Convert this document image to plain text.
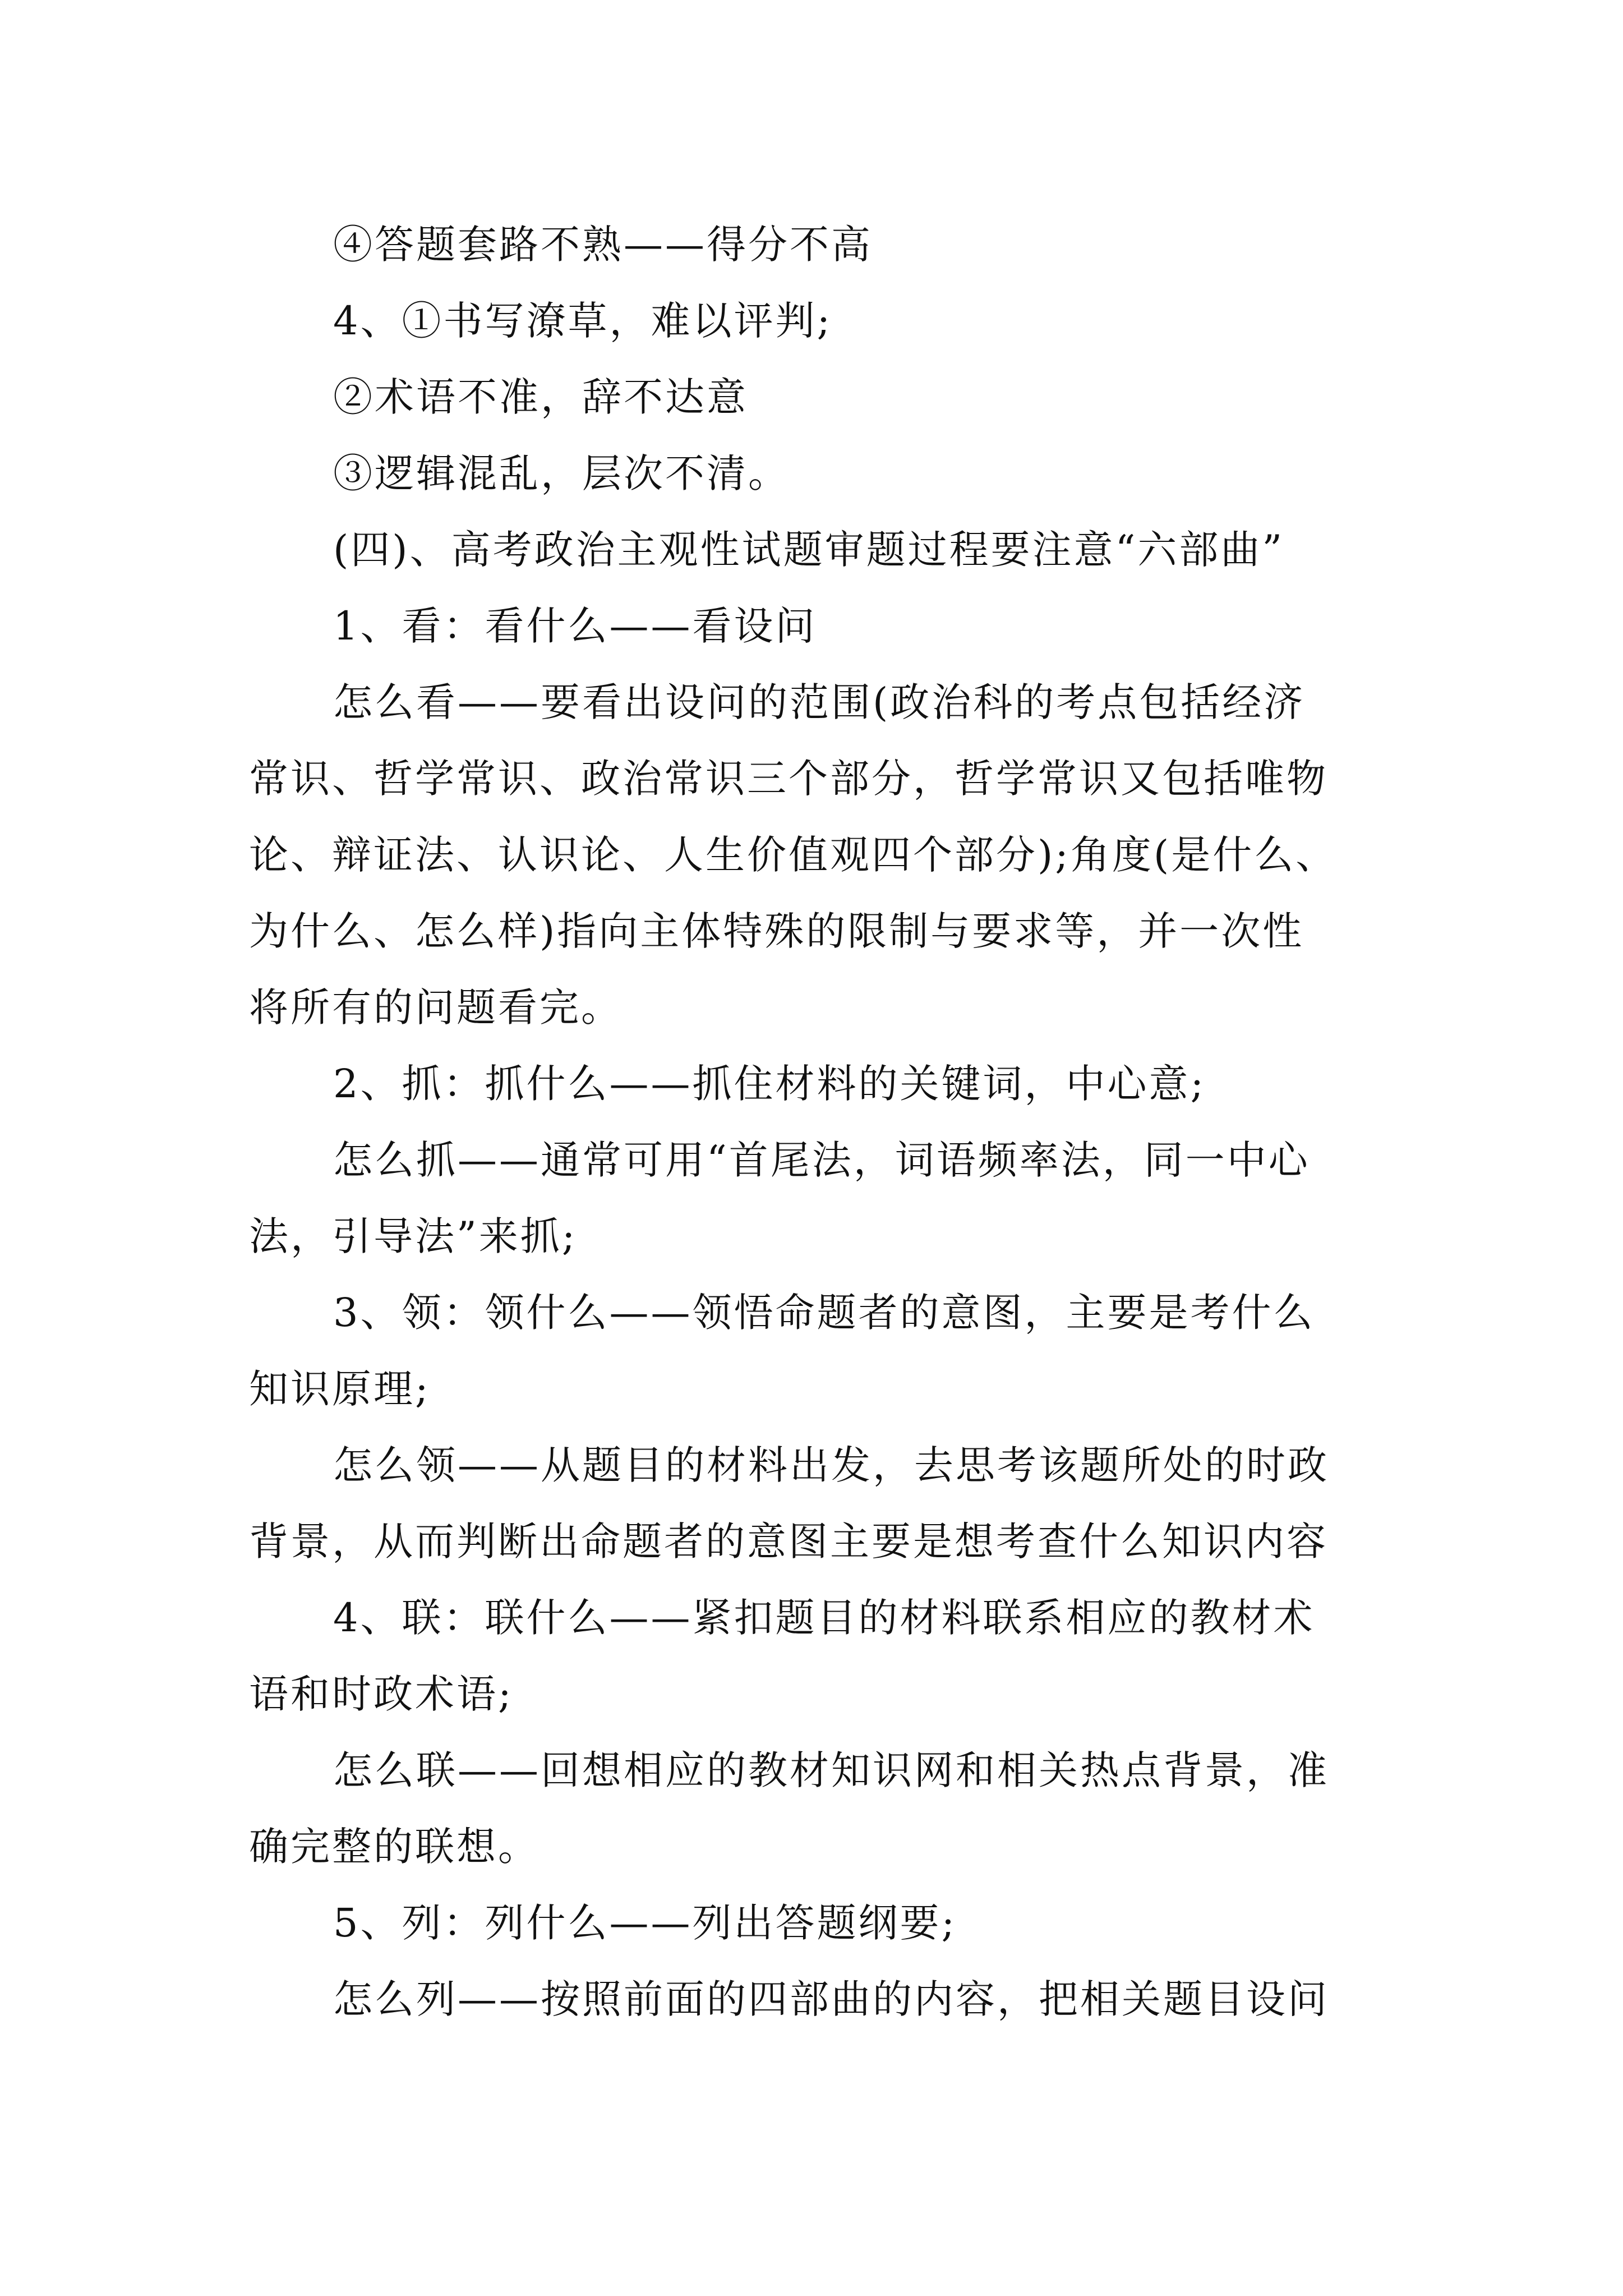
④答题套路不熟——得分不高
4、①书写潦草，难以评判;
②术语不准，辞不达意
③逻辑混乱，层次不清。
(四)、高考政治主观性试题审题过程要注意“六部曲”
1、看：看什么——看设问
怎么看——要看出设问的范围(政治科的考点包括经济
常识、哲学常识、政治常识三个部分，哲学常识又包括唯物
论、辩证法、认识论、人生价值观四个部分);角度(是什么、
为什么、怎么样)指向主体特殊的限制与要求等，并一次性
将所有的问题看完。
2、抓：抓什么——抓住材料的关键词，中心意;
怎么抓——通常可用“首尾法，词语频率法，同一中心
法，引导法”来抓;
3、领：领什么——领悟命题者的意图，主要是考什么
知识原理;
怎么领——从题目的材料出发，去思考该题所处的时政
背景，从而判断出命题者的意图主要是想考查什么知识内容
4、联：联什么——紧扣题目的材料联系相应的教材术
语和时政术语;
怎么联——回想相应的教材知识网和相关热点背景，准
确完整的联想。
5、列：列什么——列出答题纲要;
怎么列——按照前面的四部曲的内容，把相关题目设问
